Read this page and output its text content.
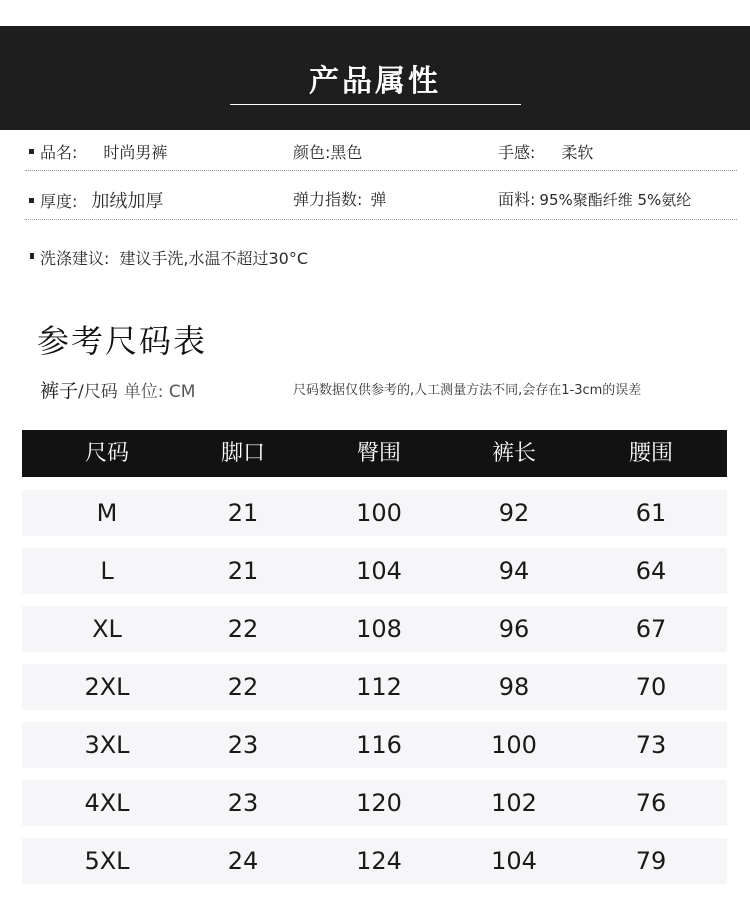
产品属性
品名: 时尚男裤	颜色:黑色	手感: 柔软
厚度: 加绒加厚	弹力指数: 弹	面料: 95%聚酯纤维 5%氨纶
洗涤建议: 建议手洗,水温不超过30°C
参考尺码表
裤子/尺码 单位: CM	尺码数据仅供参考的,人工测量方法不同,会存在1-3cm的误差
尺码	脚口	臀围	裤长	腰围
M	21	100	92	61
L	21	104	94	64
XL	22	108	96	67
2XL	22	112	98	70
3XL	23	116	100	73
4XL	23	120	102	76
5XL	24	124	104	79
